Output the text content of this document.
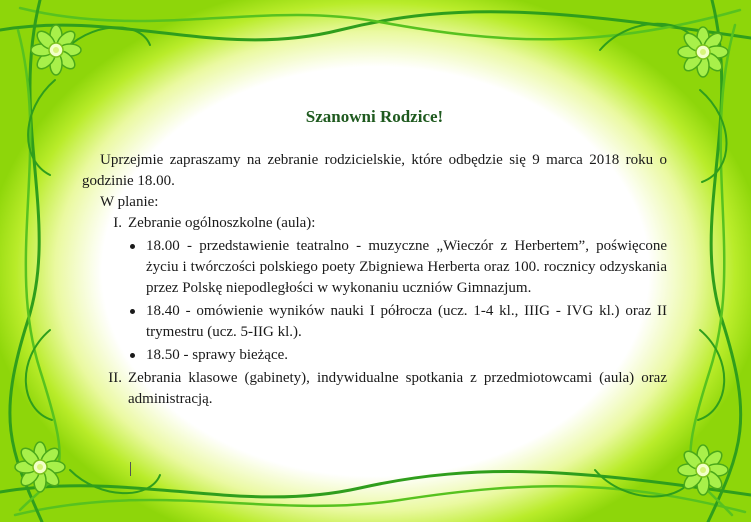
Szanowni Rodzice!

Uprzejmie zapraszamy na zebranie rodzicielskie, które odbędzie się 9 marca 2018 roku o godzinie 18.00.

W planie:
I. Zebranie ogólnoszkolne (aula):
18.00 - przedstawienie teatralno - muzyczne „Wieczór z Herbertem”, poświęcone życiu i twórczości polskiego poety Zbigniewa Herberta oraz 100. rocznicy odzyskania przez Polskę niepodległości w wykonaniu uczniów Gimnazjum.
18.40 - omówienie wyników nauki I półrocza (ucz. 1-4 kl., IIIG - IVG kl.) oraz II trymestru (ucz. 5-IIG kl.).
18.50 - sprawy bieżące.
II. Zebrania klasowe (gabinety), indywidualne spotkania z przedmiotowcami (aula) oraz administracją.
